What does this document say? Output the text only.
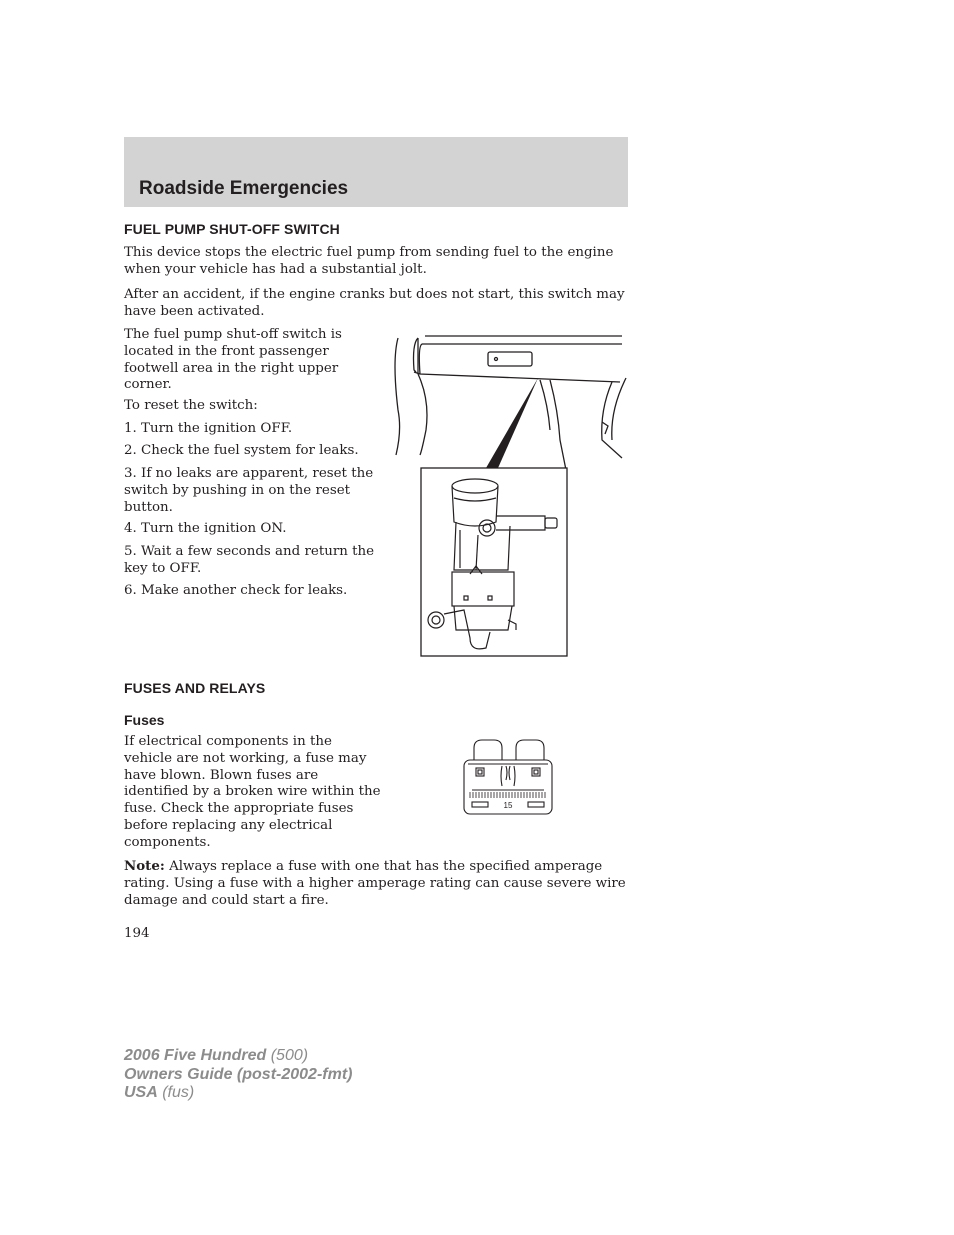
Roadside Emergencies
FUEL PUMP SHUT-OFF SWITCH

This device stops the electric fuel pump from sending fuel to the engine when your vehicle has had a substantial jolt.

After an accident, if the engine cranks but does not start, this switch may have been activated.

The fuel pump shut-off switch is located in the front passenger footwell area in the right upper corner.

To reset the switch:

1. Turn the ignition OFF.

2. Check the fuel system for leaks.

3. If no leaks are apparent, reset the switch by pushing in on the reset button.

4. Turn the ignition ON.

5. Wait a few seconds and return the key to OFF.

6. Make another check for leaks.

FUSES AND RELAYS
Fuses

If electrical components in the vehicle are not working, a fuse may have blown. Blown fuses are identified by a broken wire within the fuse. Check the appropriate fuses before replacing any electrical components.

15

Note: Always replace a fuse with one that has the specified amperage rating. Using a fuse with a higher amperage rating can cause severe wire damage and could start a fire.

194
2006 Five Hundred (500)
Owners Guide (post-2002-fmt)
USA (fus)
